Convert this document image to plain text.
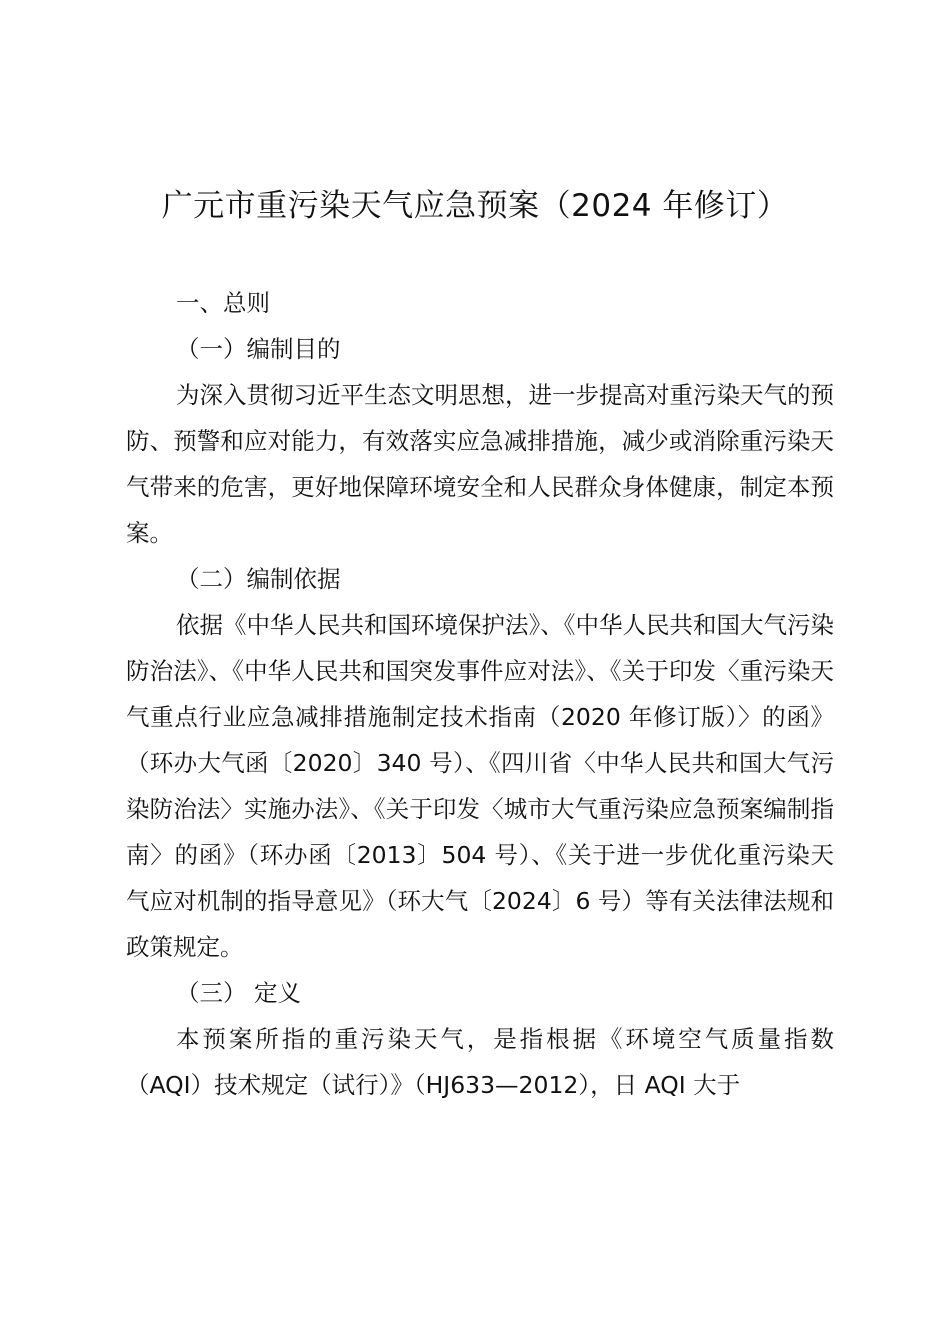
广元市重污染天气应急预案（2024 年修订）

一、总则

（一）编制目的

为深入贯彻习近平生态文明思想，进一步提高对重污染天气的预防、预警和应对能力，有效落实应急减排措施，减少或消除重污染天气带来的危害，更好地保障环境安全和人民群众身体健康，制定本预案。

（二）编制依据

依据《中华人民共和国环境保护法》、《中华人民共和国大气污染防治法》、《中华人民共和国突发事件应对法》、《关于印发〈重污染天气重点行业应急减排措施制定技术指南（2020 年修订版）〉的函》（环办大气函〔2020〕340 号）、《四川省〈中华人民共和国大气污染防治法〉实施办法》、《关于印发〈城市大气重污染应急预案编制指南〉的函》（环办函〔2013〕504 号）、《关于进一步优化重污染天气应对机制的指导意见》（环大气〔2024〕6 号）等有关法律法规和政策规定。

（三） 定义

本预案所指的重污染天气，是指根据《环境空气质量指数（AQI）技术规定（试行）》（HJ633—2012），日 AQI 大于
